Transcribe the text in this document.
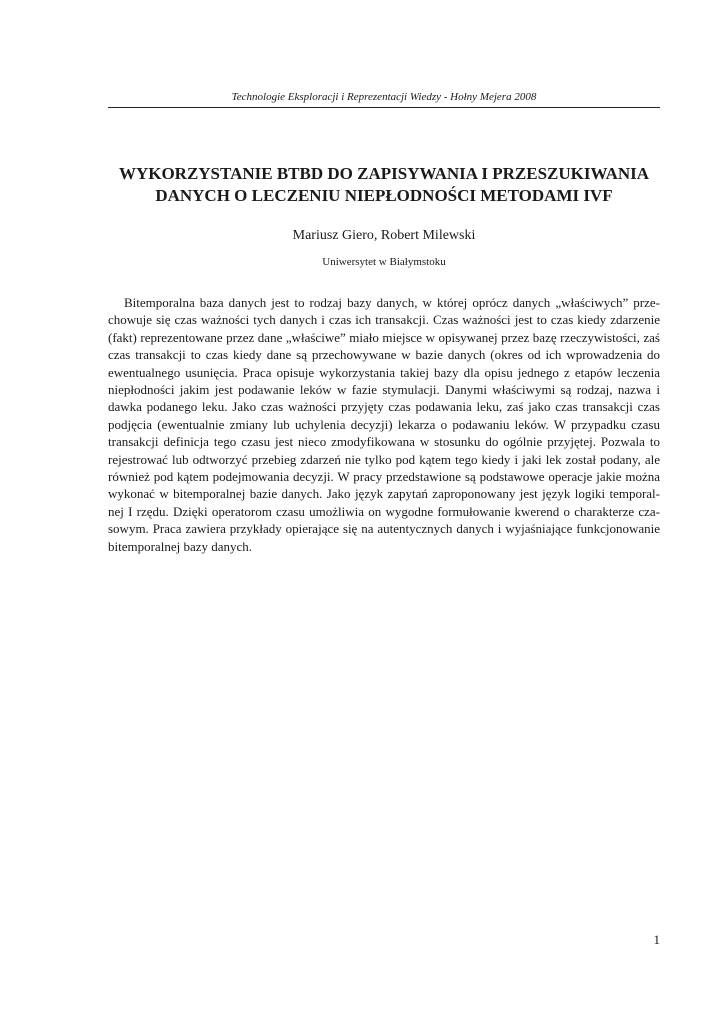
Technologie Eksploracji i Reprezentacji Wiedzy - Hołny Mejera 2008
WYKORZYSTANIE BTBD DO ZAPISYWANIA I PRZESZUKIWANIA
DANYCH O LECZENIU NIEPŁODNOŚCI METODAMI IVF
Mariusz Giero, Robert Milewski
Uniwersytet w Białymstoku

Bitemporalna baza danych jest to rodzaj bazy danych, w której oprócz danych „właściwych” prze-
chowuje się czas ważności tych danych i czas ich transakcji. Czas ważności jest to czas kiedy zdarzenie
(fakt) reprezentowane przez dane „właściwe” miało miejsce w opisywanej przez bazę rzeczywistości, zaś
czas transakcji to czas kiedy dane są przechowywane w bazie danych (okres od ich wprowadzenia do
ewentualnego usunięcia. Praca opisuje wykorzystania takiej bazy dla opisu jednego z etapów leczenia
niepłodności jakim jest podawanie leków w fazie stymulacji. Danymi właściwymi są rodzaj, nazwa i
dawka podanego leku. Jako czas ważności przyjęty czas podawania leku, zaś jako czas transakcji czas
podjęcia (ewentualnie zmiany lub uchylenia decyzji) lekarza o podawaniu leków. W przypadku czasu
transakcji definicja tego czasu jest nieco zmodyfikowana w stosunku do ogólnie przyjętej. Pozwala to
rejestrować lub odtworzyć przebieg zdarzeń nie tylko pod kątem tego kiedy i jaki lek został podany, ale
również pod kątem podejmowania decyzji. W pracy przedstawione są podstawowe operacje jakie można
wykonać w bitemporalnej bazie danych. Jako język zapytań zaproponowany jest język logiki temporal-
nej I rzędu. Dzięki operatorom czasu umożliwia on wygodne formułowanie kwerend o charakterze cza-
sowym. Praca zawiera przykłady opierające się na autentycznych danych i wyjaśniające funkcjonowanie
bitemporalnej bazy danych.

1
